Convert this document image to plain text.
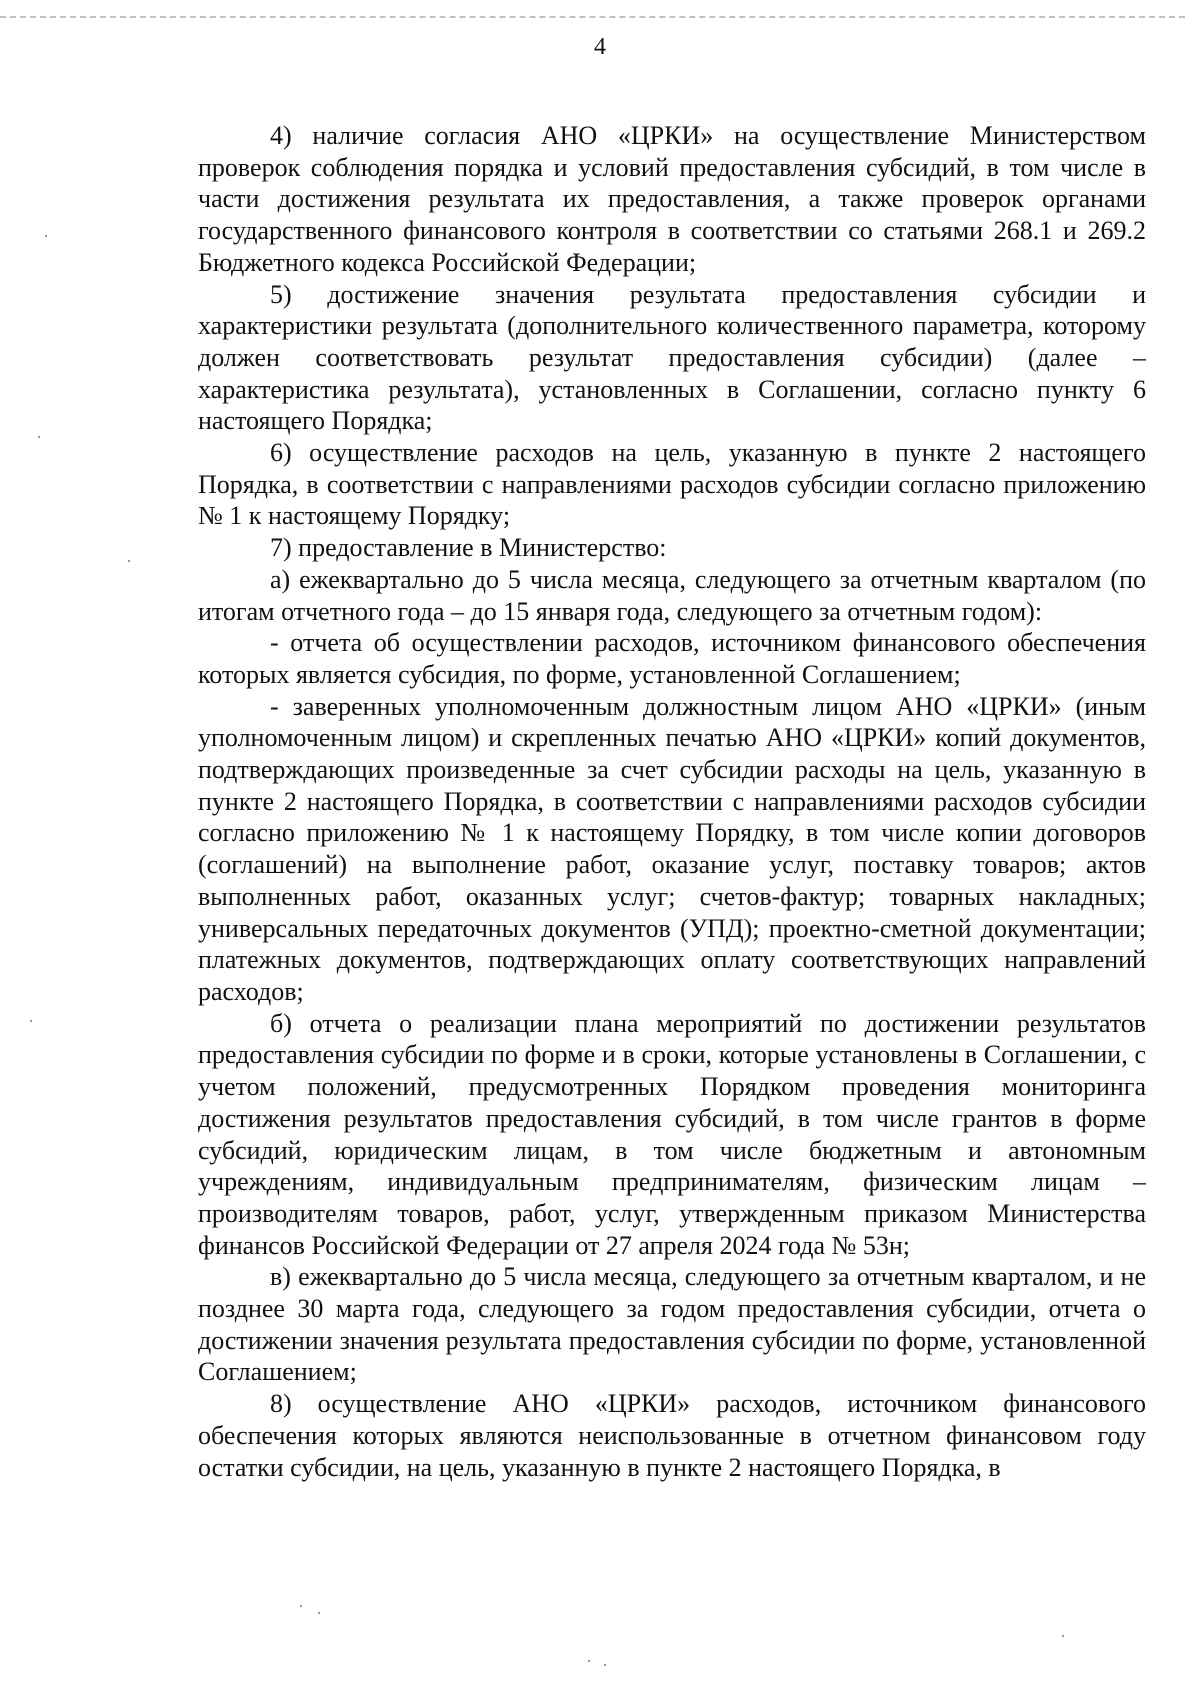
4

4) наличие согласия АНО «ЦРКИ» на осуществление Министерством проверок соблюдения порядка и условий предоставления субсидий, в том числе в части достижения результата их предоставления, а также проверок органами государственного финансового контроля в соответствии со статьями 268.1 и 269.2 Бюджетного кодекса Российской Федерации;

5) достижение значения результата предоставления субсидии и характеристики результата (дополнительного количественного параметра, которому должен соответствовать результат предоставления субсидии) (далее – характеристика результата), установленных в Соглашении, согласно пункту 6 настоящего Порядка;

6) осуществление расходов на цель, указанную в пункте 2 настоящего Порядка, в соответствии с направлениями расходов субсидии согласно приложению № 1 к настоящему Порядку;

7) предоставление в Министерство:

а) ежеквартально до 5 числа месяца, следующего за отчетным кварталом (по итогам отчетного года – до 15 января года, следующего за отчетным годом):

- отчета об осуществлении расходов, источником финансового обеспечения которых является субсидия, по форме, установленной Соглашением;

- заверенных уполномоченным должностным лицом АНО «ЦРКИ» (иным уполномоченным лицом) и скрепленных печатью АНО «ЦРКИ» копий документов, подтверждающих произведенные за счет субсидии расходы на цель, указанную в пункте 2 настоящего Порядка, в соответствии с направлениями расходов субсидии согласно приложению № 1 к настоящему Порядку, в том числе копии договоров (соглашений) на выполнение работ, оказание услуг, поставку товаров; актов выполненных работ, оказанных услуг; счетов-фактур; товарных накладных; универсальных передаточных документов (УПД); проектно-сметной документации; платежных документов, подтверждающих оплату соответствующих направлений расходов;

б) отчета о реализации плана мероприятий по достижении результатов предоставления субсидии по форме и в сроки, которые установлены в Соглашении, с учетом положений, предусмотренных Порядком проведения мониторинга достижения результатов предоставления субсидий, в том числе грантов в форме субсидий, юридическим лицам, в том числе бюджетным и автономным учреждениям, индивидуальным предпринимателям, физическим лицам – производителям товаров, работ, услуг, утвержденным приказом Министерства финансов Российской Федерации от 27 апреля 2024 года № 53н;

в) ежеквартально до 5 числа месяца, следующего за отчетным кварталом, и не позднее 30 марта года, следующего за годом предоставления субсидии, отчета о достижении значения результата предоставления субсидии по форме, установленной Соглашением;

8) осуществление АНО «ЦРКИ» расходов, источником финансового обеспечения которых являются неиспользованные в отчетном финансовом году остатки субсидии, на цель, указанную в пункте 2 настоящего Порядка, в
